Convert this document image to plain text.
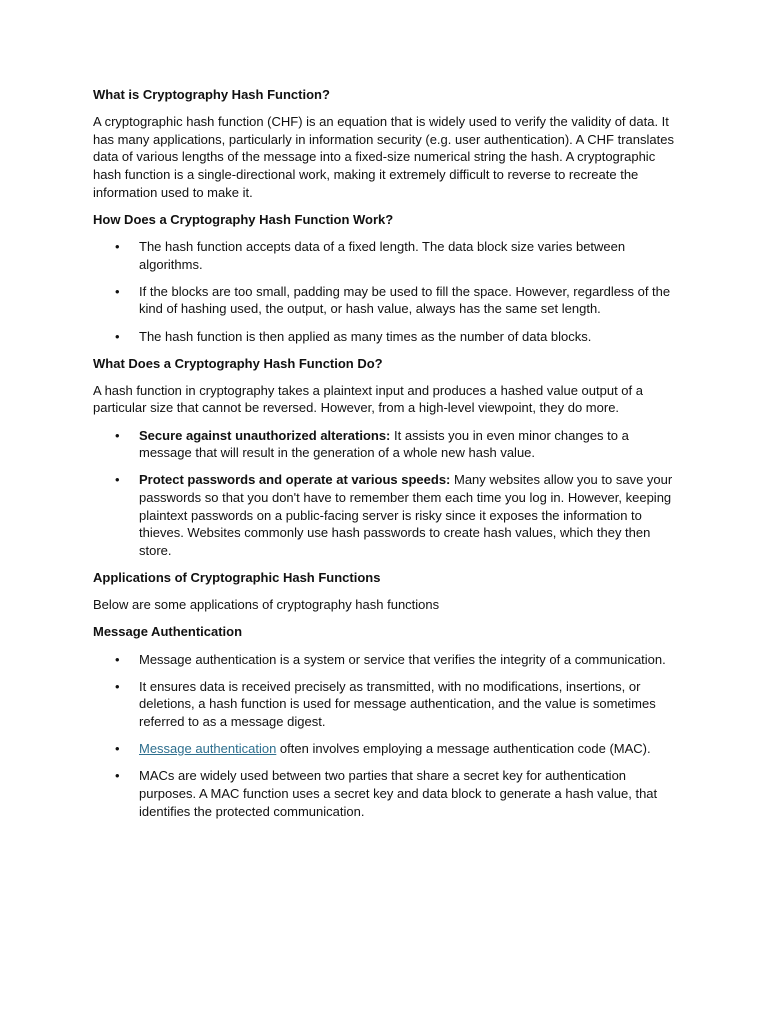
What is Cryptography Hash Function?
A cryptographic hash function (CHF) is an equation that is widely used to verify the validity of data. It has many applications, particularly in information security (e.g. user authentication). A CHF translates data of various lengths of the message into a fixed-size numerical string the hash. A cryptographic hash function is a single-directional work, making it extremely difficult to reverse to recreate the information used to make it.
How Does a Cryptography Hash Function Work?
• The hash function accepts data of a fixed length. The data block size varies between algorithms.
• If the blocks are too small, padding may be used to fill the space. However, regardless of the kind of hashing used, the output, or hash value, always has the same set length.
• The hash function is then applied as many times as the number of data blocks.
What Does a Cryptography Hash Function Do?
A hash function in cryptography takes a plaintext input and produces a hashed value output of a particular size that cannot be reversed. However, from a high-level viewpoint, they do more.
• Secure against unauthorized alterations: It assists you in even minor changes to a message that will result in the generation of a whole new hash value.
• Protect passwords and operate at various speeds: Many websites allow you to save your passwords so that you don't have to remember them each time you log in. However, keeping plaintext passwords on a public-facing server is risky since it exposes the information to thieves. Websites commonly use hash passwords to create hash values, which they then store.
Applications of Cryptographic Hash Functions
Below are some applications of cryptography hash functions
Message Authentication
• Message authentication is a system or service that verifies the integrity of a communication.
• It ensures data is received precisely as transmitted, with no modifications, insertions, or deletions, a hash function is used for message authentication, and the value is sometimes referred to as a message digest.
• Message authentication often involves employing a message authentication code (MAC).
• MACs are widely used between two parties that share a secret key for authentication purposes. A MAC function uses a secret key and data block to generate a hash value, that identifies the protected communication.
